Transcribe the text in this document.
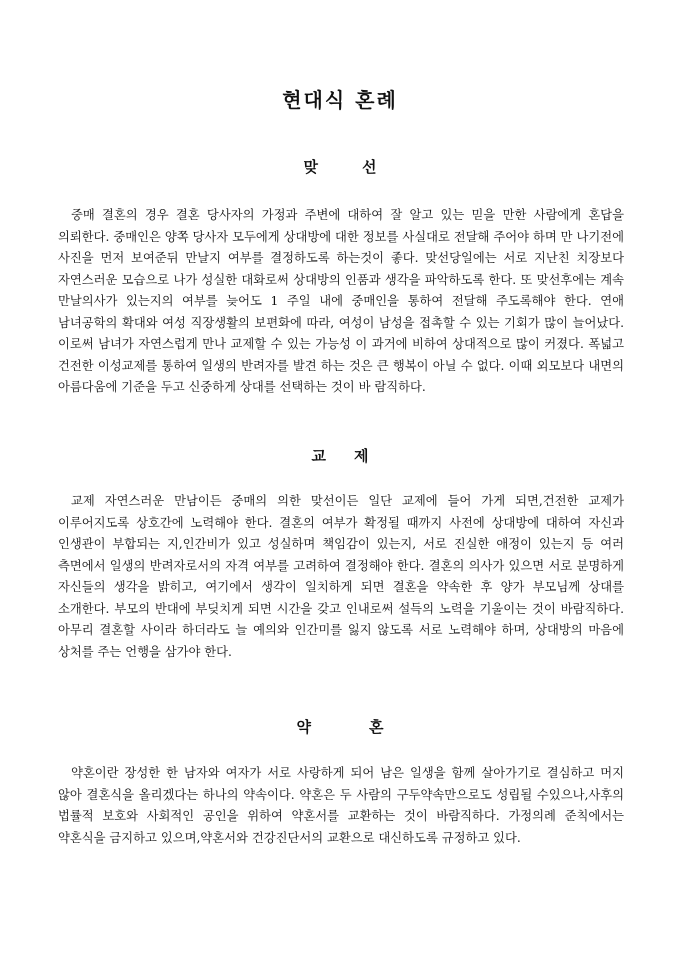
현대식 혼례
맞	선

중매 결혼의 경우 결혼 당사자의 가정과 주변에 대하여 잘 알고 있는 믿을 만한 사람에게 혼답을 의뢰한다. 중매인은 양쪽 당사자 모두에게 상대방에 대한 정보를 사실대로 전달해 주어야 하며 만 나기전에 사진을 먼저 보여준뒤 만날지 여부를 결정하도록 하는것이 좋다. 맞선당일에는 서로 지난친 치장보다 자연스러운 모습으로 나가 성실한 대화로써 상대방의 인품과 생각을 파악하도록 한다. 또 맞선후에는 계속 만날의사가 있는지의 여부를 늦어도 1 주일 내에 중매인을 통하여 전달해 주도록해야 한다. 연애 남녀공학의 확대와 여성 직장생활의 보편화에 따라, 여성이 남성을 접촉할 수 있는 기회가 많이 늘어났다. 이로써 남녀가 자연스럽게 만나 교제할 수 있는 가능성 이 과거에 비하여 상대적으로 많이 커졌다. 폭넓고 건전한 이성교제를 통하여 일생의 반려자를 발견 하는 것은 큰 행복이 아닐 수 없다. 이때 외모보다 내면의 아름다움에 기준을 두고 신중하게 상대를 선택하는 것이 바 람직하다.

교 제

교제 자연스러운 만남이든 중매의 의한 맞선이든 일단 교제에 들어 가게 되면,건전한 교제가 이루어지도록 상호간에 노력해야 한다. 결혼의 여부가 확정될 때까지 사전에 상대방에 대하여 자신과 인생관이 부합되는 지,인간비가 있고 성실하며 책임감이 있는지, 서로 진실한 애정이 있는지 등 여러 측면에서 일생의 반려자로서의 자격 여부를 고려하여 결정해야 한다. 결혼의 의사가 있으면 서로 분명하게 자신들의 생각을 밝히고, 여기에서 생각이 일치하게 되면 결혼을 약속한 후 양가 부모님께 상대를 소개한다. 부모의 반대에 부딪치게 되면 시간을 갖고 인내로써 설득의 노력을 기울이는 것이 바람직하다. 아무리 결혼할 사이라 하더라도 늘 예의와 인간미를 잃지 않도록 서로 노력해야 하며, 상대방의 마음에 상처를 주는 언행을 삼가야 한다.

약	혼

약혼이란 장성한 한 남자와 여자가 서로 사랑하게 되어 남은 일생을 함께 살아가기로 결심하고 머지 않아 결혼식을 올리겠다는 하나의 약속이다. 약혼은 두 사람의 구두약속만으로도 성립될 수있으나,사후의 법률적 보호와 사회적인 공인을 위하여 약혼서를 교환하는 것이 바람직하다. 가정의례 준칙에서는 약혼식을 금지하고 있으며,약혼서와 건강진단서의 교환으로 대신하도록 규정하고 있다.
